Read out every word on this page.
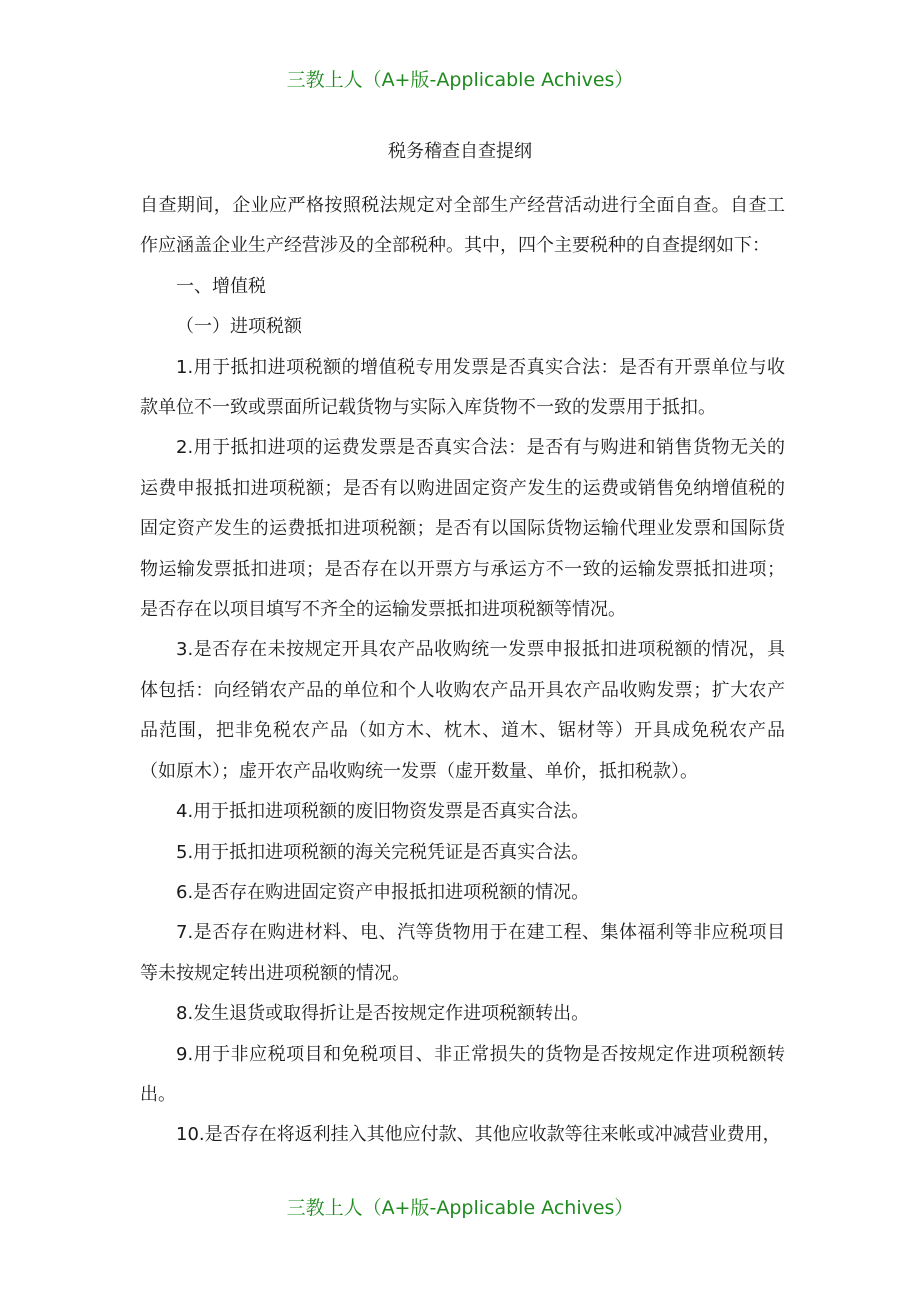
三教上人（A+版-Applicable Achives）
税务稽查自查提纲

自查期间，企业应严格按照税法规定对全部生产经营活动进行全面自查。自查工作应涵盖企业生产经营涉及的全部税种。其中，四个主要税种的自查提纲如下：

一、增值税

（一）进项税额

1.用于抵扣进项税额的增值税专用发票是否真实合法：是否有开票单位与收款单位不一致或票面所记载货物与实际入库货物不一致的发票用于抵扣。

2.用于抵扣进项的运费发票是否真实合法：是否有与购进和销售货物无关的运费申报抵扣进项税额；是否有以购进固定资产发生的运费或销售免纳增值税的固定资产发生的运费抵扣进项税额；是否有以国际货物运输代理业发票和国际货物运输发票抵扣进项；是否存在以开票方与承运方不一致的运输发票抵扣进项；是否存在以项目填写不齐全的运输发票抵扣进项税额等情况。

3.是否存在未按规定开具农产品收购统一发票申报抵扣进项税额的情况，具体包括：向经销农产品的单位和个人收购农产品开具农产品收购发票；扩大农产品范围，把非免税农产品（如方木、枕木、道木、锯材等）开具成免税农产品（如原木）；虚开农产品收购统一发票（虚开数量、单价，抵扣税款）。

4.用于抵扣进项税额的废旧物资发票是否真实合法。

5.用于抵扣进项税额的海关完税凭证是否真实合法。

6.是否存在购进固定资产申报抵扣进项税额的情况。

7.是否存在购进材料、电、汽等货物用于在建工程、集体福利等非应税项目等未按规定转出进项税额的情况。

8.发生退货或取得折让是否按规定作进项税额转出。

9.用于非应税项目和免税项目、非正常损失的货物是否按规定作进项税额转出。

10.是否存在将返利挂入其他应付款、其他应收款等往来帐或冲减营业费用，

三教上人（A+版-Applicable Achives）
